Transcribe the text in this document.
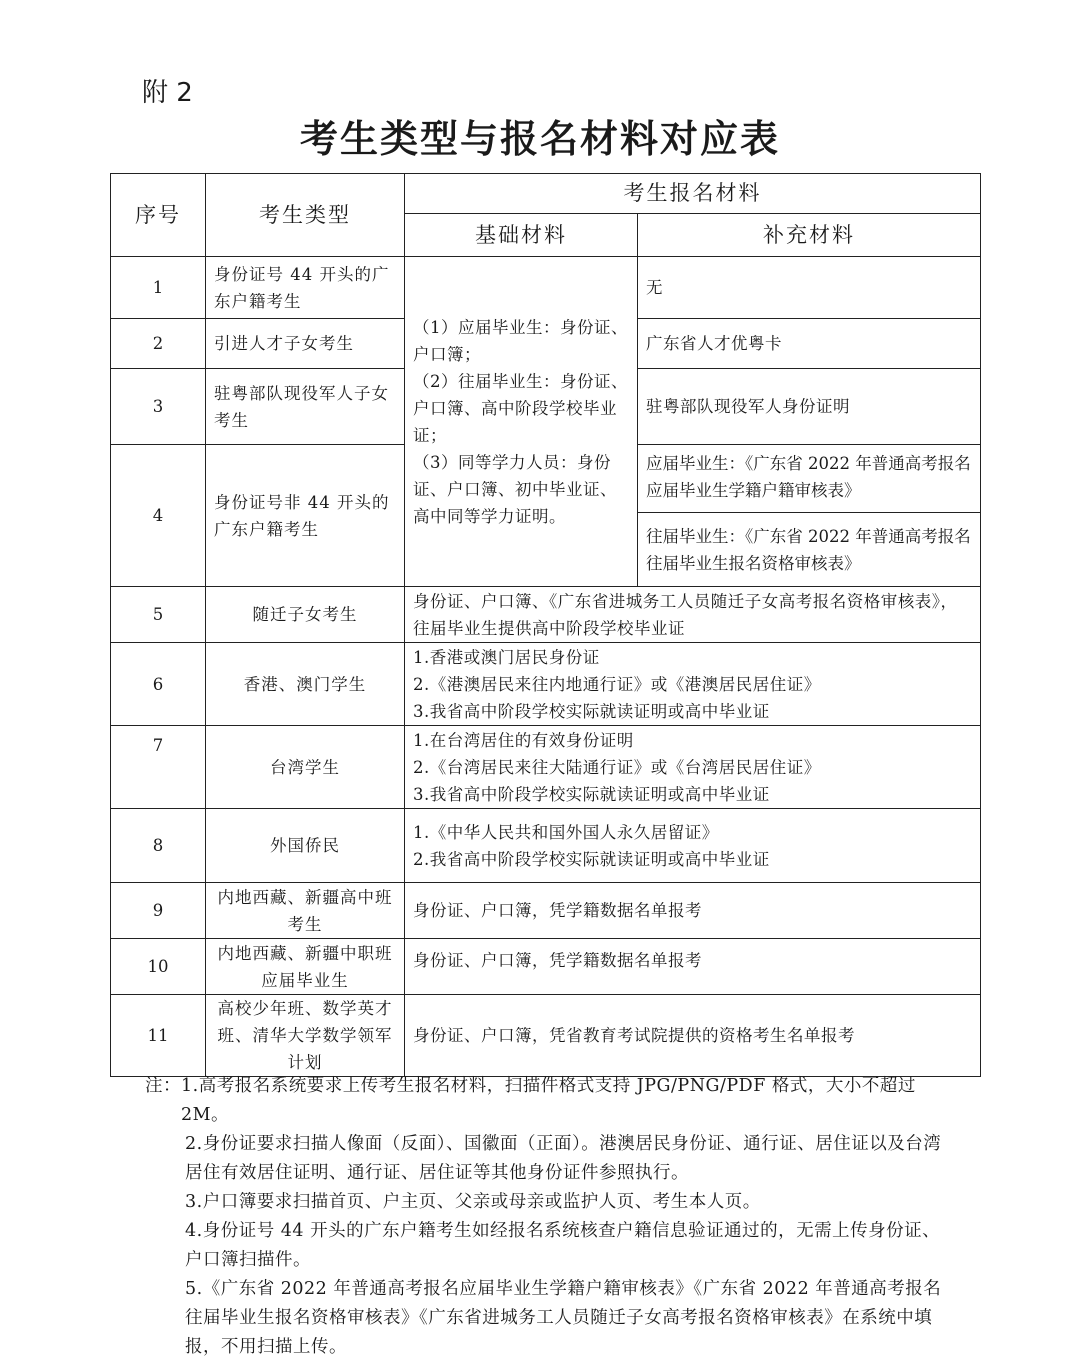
附 2
考生类型与报名材料对应表
序号	考生类型	考生报名材料	
		基础材料	补充材料
1	身份证号 44 开头的广东户籍考生	（1）应届毕业生：身份证、户口簿；
（2）往届毕业生：身份证、户口簿、高中阶段学校毕业证；
（3）同等学力人员：身份证、户口簿、初中毕业证、高中同等学力证明。	无
2	引进人才子女考生		广东省人才优粤卡
3	驻粤部队现役军人子女考生		驻粤部队现役军人身份证明
4	身份证号非 44 开头的广东户籍考生		应届毕业生：《广东省 2022 年普通高考报名应届毕业生学籍户籍审核表》
往届毕业生：《广东省 2022 年普通高考报名往届毕业生报名资格审核表》

5	随迁子女考生	身份证、户口簿、《广东省进城务工人员随迁子女高考报名资格审核表》，往届毕业生提供高中阶段学校毕业证	

6	香港、澳门学生	1.香港或澳门居民身份证
2.《港澳居民来往内地通行证》或《港澳居民居住证》
3.我省高中阶段学校实际就读证明或高中毕业证	

7	台湾学生	1.在台湾居住的有效身份证明
2.《台湾居民来往大陆通行证》或《台湾居民居住证》
3.我省高中阶段学校实际就读证明或高中毕业证	

8	外国侨民	1.《中华人民共和国外国人永久居留证》
2.我省高中阶段学校实际就读证明或高中毕业证	

9	内地西藏、新疆高中班考生	身份证、户口簿，凭学籍数据名单报考	

10	内地西藏、新疆中职班应届毕业生	身份证、户口簿，凭学籍数据名单报考	

11	高校少年班、数学英才班、清华大学数学领军计划	身份证、户口簿，凭省教育考试院提供的资格考生名单报考	
注： 1.高考报名系统要求上传考生报名材料，扫描件格式支持 JPG/PNG/PDF 格式，大小不超过 2M。
2.身份证要求扫描人像面（反面）、国徽面（正面）。港澳居民身份证、通行证、居住证以及台湾居住有效居住证明、通行证、居住证等其他身份证件参照执行。
3.户口簿要求扫描首页、户主页、父亲或母亲或监护人页、考生本人页。
4.身份证号 44 开头的广东户籍考生如经报名系统核查户籍信息验证通过的，无需上传身份证、户口簿扫描件。
5.《广东省 2022 年普通高考报名应届毕业生学籍户籍审核表》《广东省 2022 年普通高考报名往届毕业生报名资格审核表》《广东省进城务工人员随迁子女高考报名资格审核表》在系统中填报，不用扫描上传。
